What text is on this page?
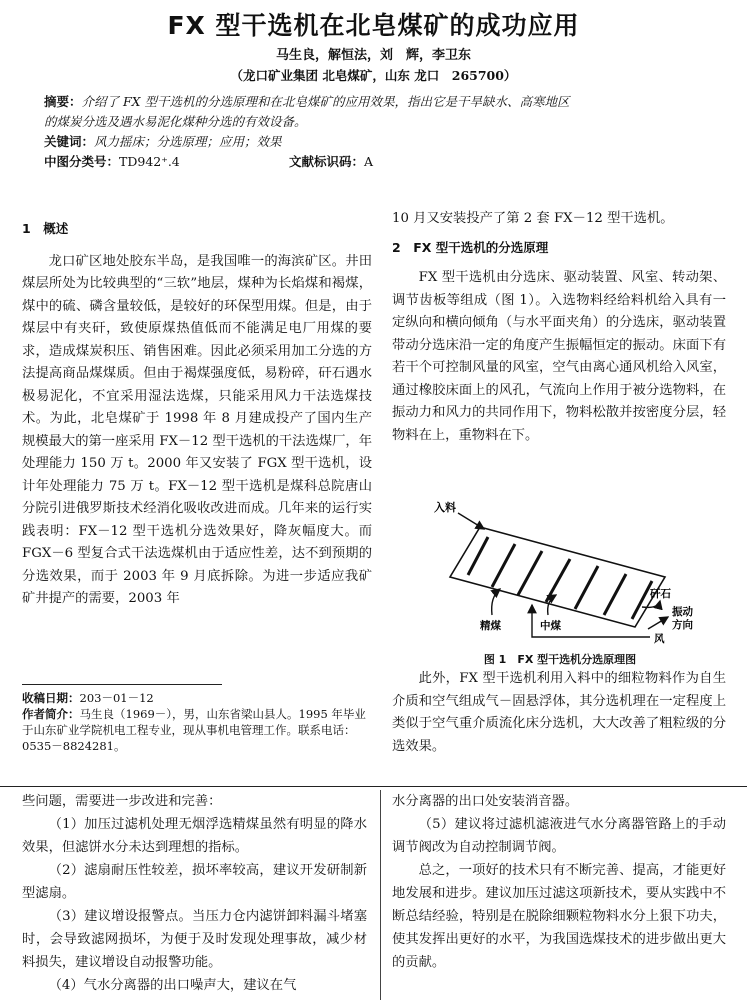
FX 型干选机在北皂煤矿的成功应用
马生良，解恒法，刘　辉，李卫东
（龙口矿业集团 北皂煤矿，山东 龙口　265700）
摘要：介绍了 FX 型干选机的分选原理和在北皂煤矿的应用效果，指出它是干旱缺水、高寒地区
的煤炭分选及遇水易泥化煤种分选的有效设备。
关键词：风力摇床；分选原理；应用；效果
中图分类号：TD942⁺.4	文献标识码：A

1　概述

龙口矿区地处胶东半岛，是我国唯一的海滨矿区。井田煤层所处为比较典型的“三软”地层，煤种为长焰煤和褐煤，煤中的硫、磷含量较低，是较好的环保型用煤。但是，由于煤层中有夹矸，致使原煤热值低而不能满足电厂用煤的要求，造成煤炭积压、销售困难。因此必须采用加工分选的方法提高商品煤煤质。但由于褐煤强度低，易粉碎，矸石遇水极易泥化，不宜采用湿法选煤，只能采用风力干法选煤技术。为此，北皂煤矿于 1998 年 8 月建成投产了国内生产规模最大的第一座采用 FX－12 型干选机的干法选煤厂，年处理能力 150 万 t。2000 年又安装了 FGX 型干选机，设计年处理能力 75 万 t。FX－12 型干选机是煤科总院唐山分院引进俄罗斯技术经消化吸收改进而成。几年来的运行实践表明：FX－12 型干选机分选效果好，降灰幅度大。而 FGX－6 型复合式干法选煤机由于适应性差，达不到预期的分选效果，而于 2003 年 9 月底拆除。为进一步适应我矿矿井提产的需要，2003 年

收稿日期：203－01－12
作者简介：马生良（1969－），男，山东省梁山县人。1995 年毕业于山东矿业学院机电工程专业，现从事机电管理工作。联系电话：0535－8824281。

10 月又安装投产了第 2 套 FX－12 型干选机。

2　FX 型干选机的分选原理

FX 型干选机由分选床、驱动装置、风室、转动架、调节齿板等组成（图 1）。入选物料经给料机给入具有一定纵向和横向倾角（与水平面夹角）的分选床，驱动装置带动分选床沿一定的角度产生振幅恒定的振动。床面下有若干个可控制风量的风室，空气由离心通风机给入风室，通过橡胶床面上的风孔，气流向上作用于被分选物料，在振动力和风力的共同作用下，物料松散并按密度分层，轻物料在上，重物料在下。

入料
精煤	中煤
矸石
振动 方向
风
图 1　FX 型干选机分选原理图

此外，FX 型干选机利用入料中的细粒物料作为自生介质和空气组成气－固悬浮体，其分选机理在一定程度上类似于空气重介质流化床分选机，大大改善了粗粒级的分选效果。

些问题，需要进一步改进和完善：

（1）加压过滤机处理无烟浮选精煤虽然有明显的降水效果，但滤饼水分未达到理想的指标。

（2）滤扇耐压性较差，损坏率较高，建议开发研制新型滤扇。

（3）建议增设报警点。当压力仓内滤饼卸料漏斗堵塞时，会导致滤网损坏，为便于及时发现处理事故，减少材料损失，建议增设自动报警功能。

（4）气水分离器的出口噪声大，建议在气

水分离器的出口处安装消音器。

（5）建议将过滤机滤液进气水分离器管路上的手动调节阀改为自动控制调节阀。

总之，一项好的技术只有不断完善、提高，才能更好地发展和进步。建议加压过滤这项新技术，要从实践中不断总结经验，特别是在脱除细颗粒物料水分上狠下功夫，使其发挥出更好的水平，为我国选煤技术的进步做出更大的贡献。
